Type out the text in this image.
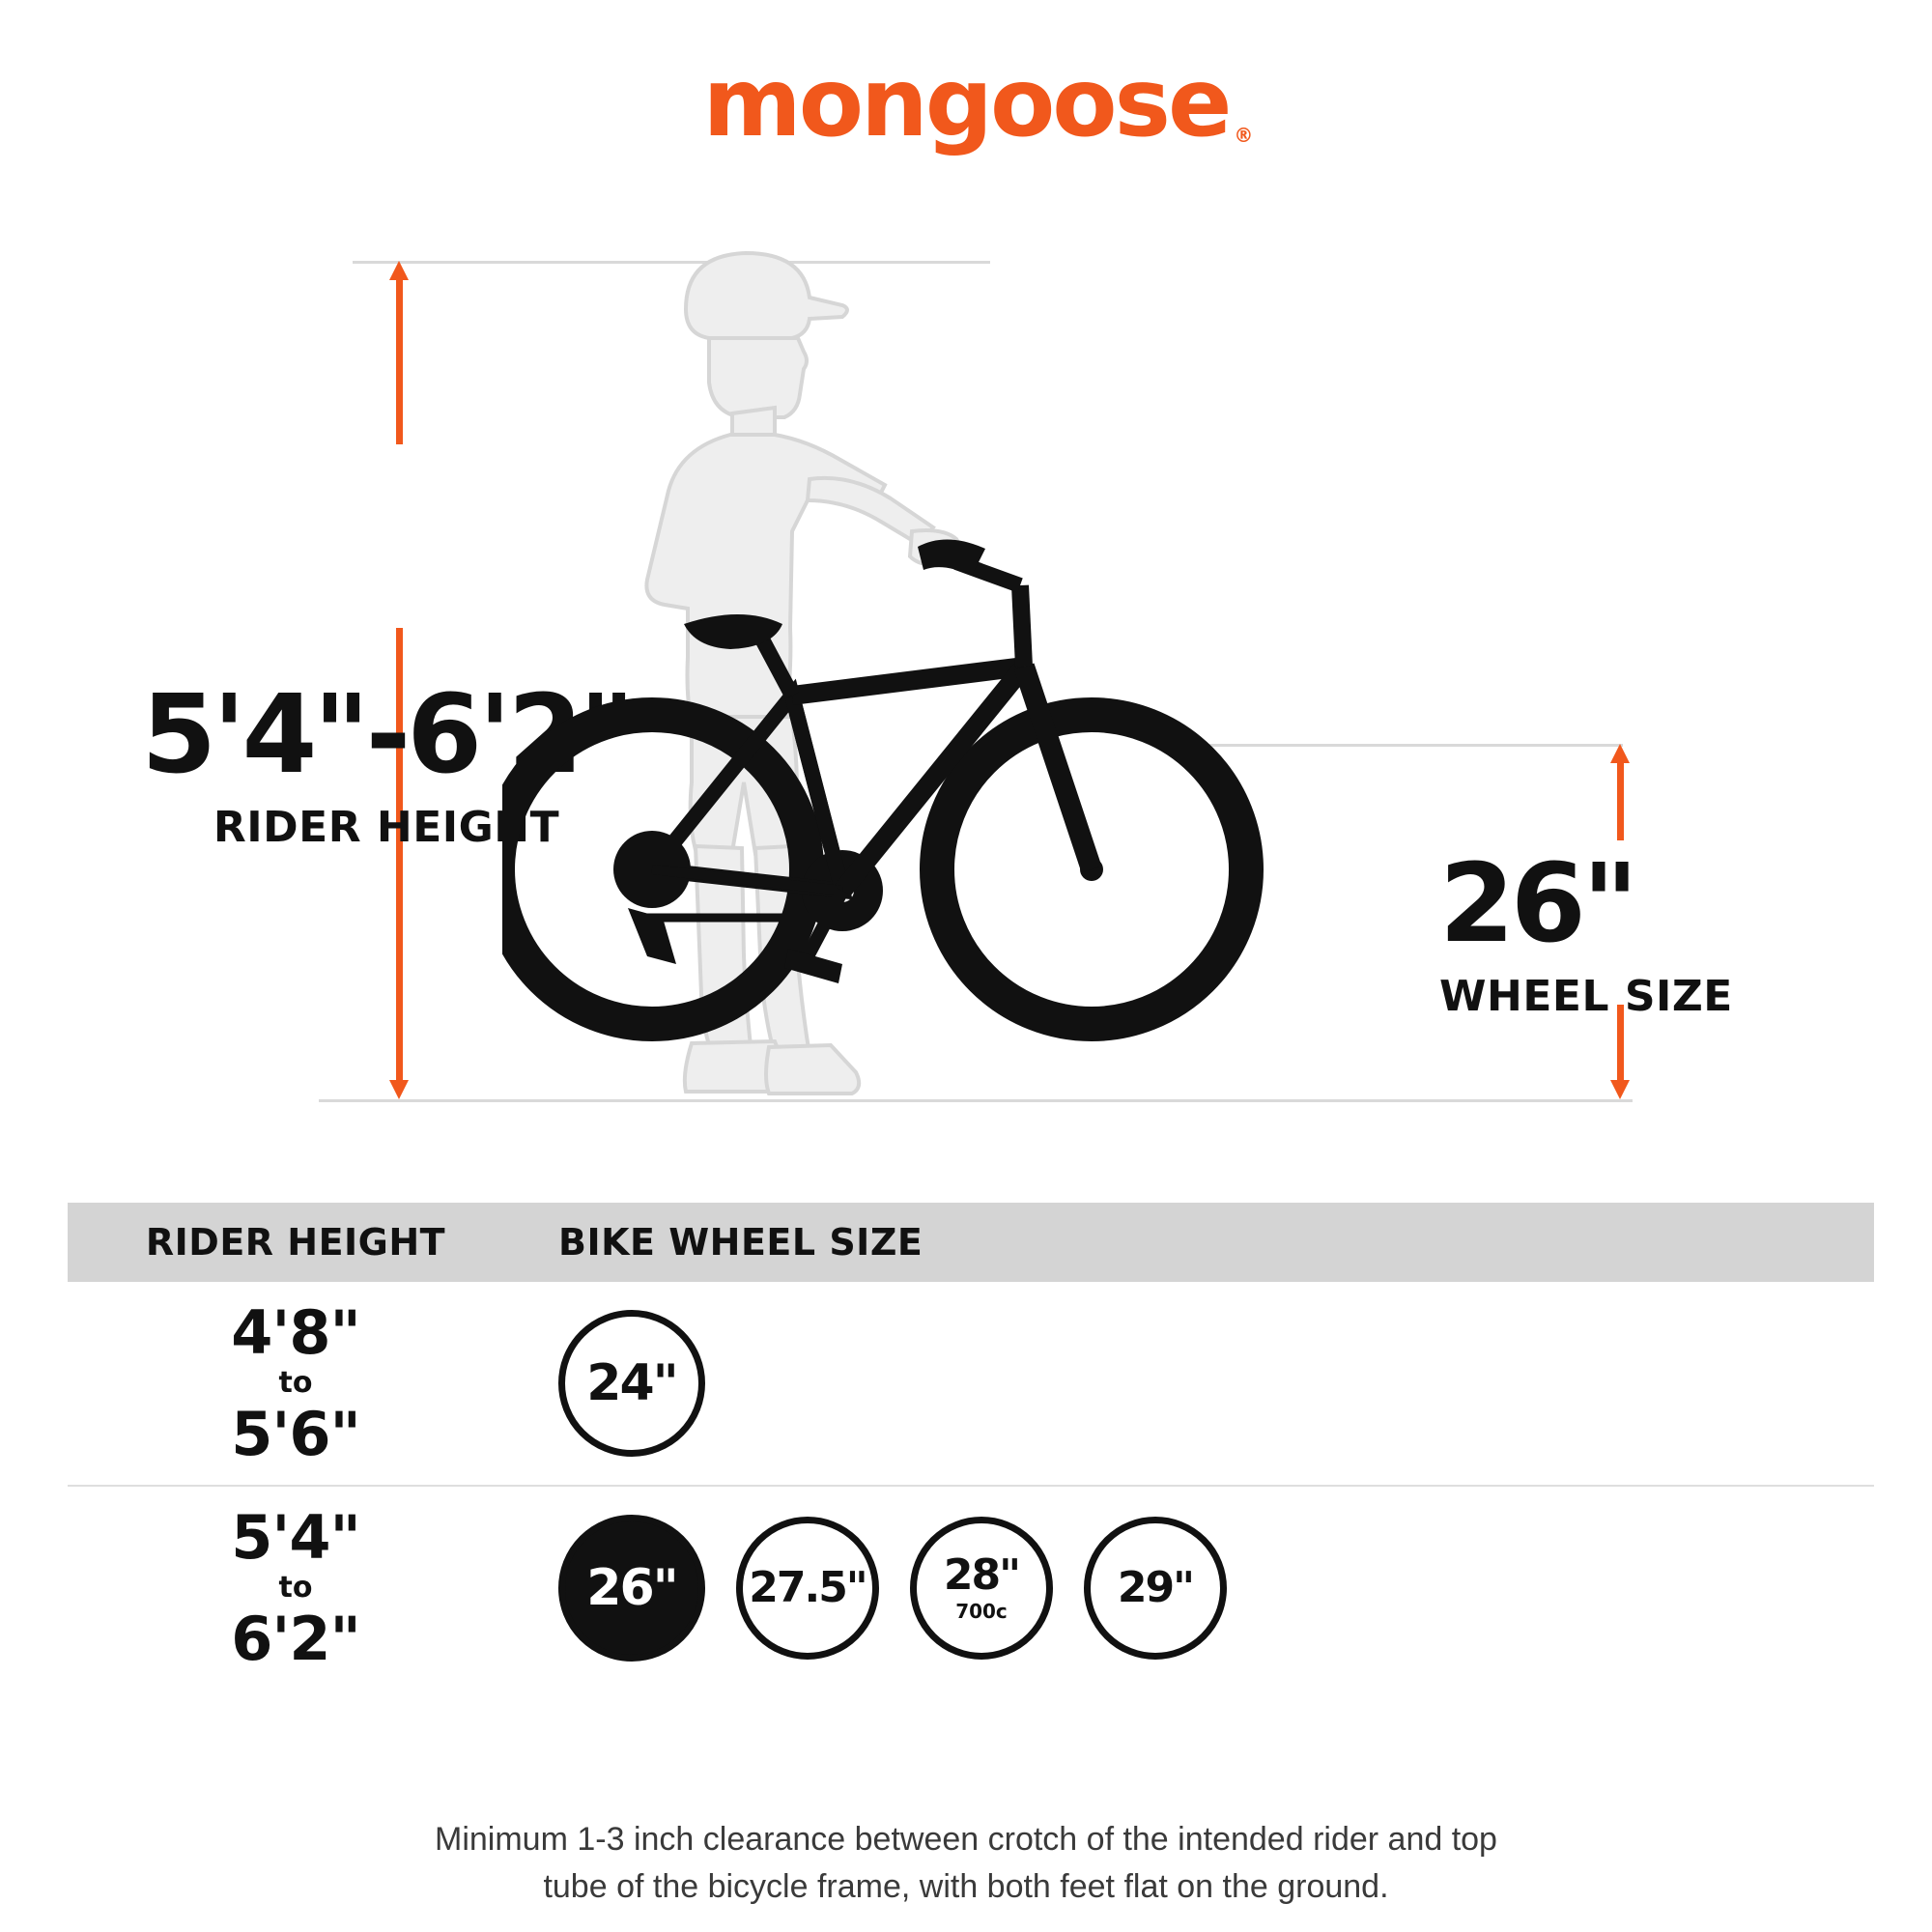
mongoose ®
5'4"-6'2"
RIDER HEIGHT
26"
WHEEL SIZE
RIDER HEIGHT	BIKE WHEEL SIZE
4'8"
to
5'6"
24"
5'4"
to
6'2"
26" 27.5" 28"
700c	29"
Minimum 1-3 inch clearance between crotch of the intended rider and top
tube of the bicycle frame, with both feet flat on the ground.
